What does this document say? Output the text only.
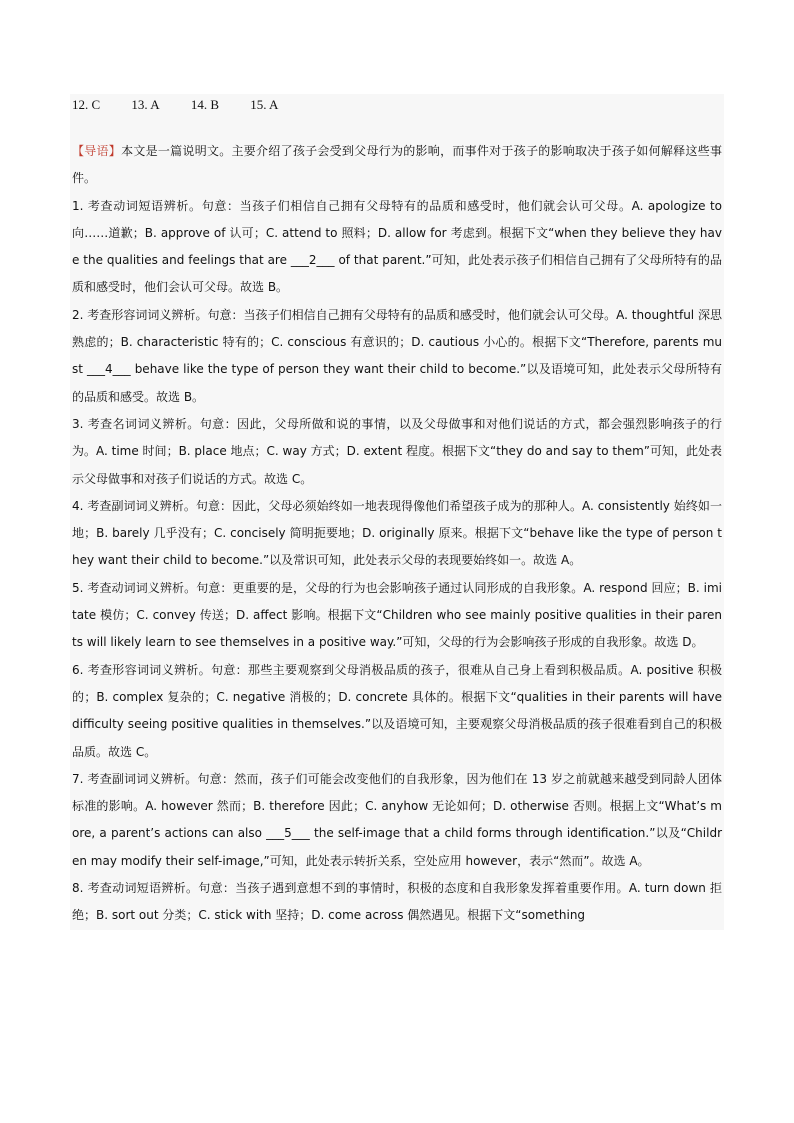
12. C 13. A 14. B 15. A

【导语】本文是一篇说明文。主要介绍了孩子会受到父母行为的影响，而事件对于孩子的影响取决于孩子如何解释这些事件。

1. 考查动词短语辨析。句意：当孩子们相信自己拥有父母特有的品质和感受时，他们就会认可父母。A. apologize to 向……道歉；B. approve of 认可；C. attend to 照料；D. allow for 考虑到。根据下文“when they believe they have the qualities and feelings that are ___2___ of that parent.”可知，此处表示孩子们相信自己拥有了父母所特有的品质和感受时，他们会认可父母。故选 B。

2. 考查形容词词义辨析。句意：当孩子们相信自己拥有父母特有的品质和感受时，他们就会认可父母。A. thoughtful 深思熟虑的；B. characteristic 特有的；C. conscious 有意识的；D. cautious 小心的。根据下文“Therefore, parents must ___4___ behave like the type of person they want their child to become.”以及语境可知，此处表示父母所特有的品质和感受。故选 B。

3. 考查名词词义辨析。句意：因此，父母所做和说的事情，以及父母做事和对他们说话的方式，都会强烈影响孩子的行为。A. time 时间；B. place 地点；C. way 方式；D. extent 程度。根据下文“they do and say to them”可知，此处表示父母做事和对孩子们说话的方式。故选 C。

4. 考查副词词义辨析。句意：因此，父母必须始终如一地表现得像他们希望孩子成为的那种人。A. consistently 始终如一地；B. barely 几乎没有；C. concisely 简明扼要地；D. originally 原来。根据下文“behave like the type of person they want their child to become.”以及常识可知，此处表示父母的表现要始终如一。故选 A。

5. 考查动词词义辨析。句意：更重要的是，父母的行为也会影响孩子通过认同形成的自我形象。A. respond 回应；B. imitate 模仿；C. convey 传送；D. affect 影响。根据下文“Children who see mainly positive qualities in their parents will likely learn to see themselves in a positive way.”可知，父母的行为会影响孩子形成的自我形象。故选 D。

6. 考查形容词词义辨析。句意：那些主要观察到父母消极品质的孩子，很难从自己身上看到积极品质。A. positive 积极的；B. complex 复杂的；C. negative 消极的；D. concrete 具体的。根据下文“qualities in their parents will have difficulty seeing positive qualities in themselves.”以及语境可知，主要观察父母消极品质的孩子很难看到自己的积极品质。故选 C。

7. 考查副词词义辨析。句意：然而，孩子们可能会改变他们的自我形象，因为他们在 13 岁之前就越来越受到同龄人团体标准的影响。A. however 然而；B. therefore 因此；C. anyhow 无论如何；D. otherwise 否则。根据上文“What’s more, a parent’s actions can also ___5___ the self-image that a child forms through identification.”以及“Children may modify their self-image,”可知，此处表示转折关系，空处应用 however，表示“然而”。故选 A。

8. 考查动词短语辨析。句意：当孩子遇到意想不到的事情时，积极的态度和自我形象发挥着重要作用。A. turn down 拒绝；B. sort out 分类；C. stick with 坚持；D. come across 偶然遇见。根据下文“something
